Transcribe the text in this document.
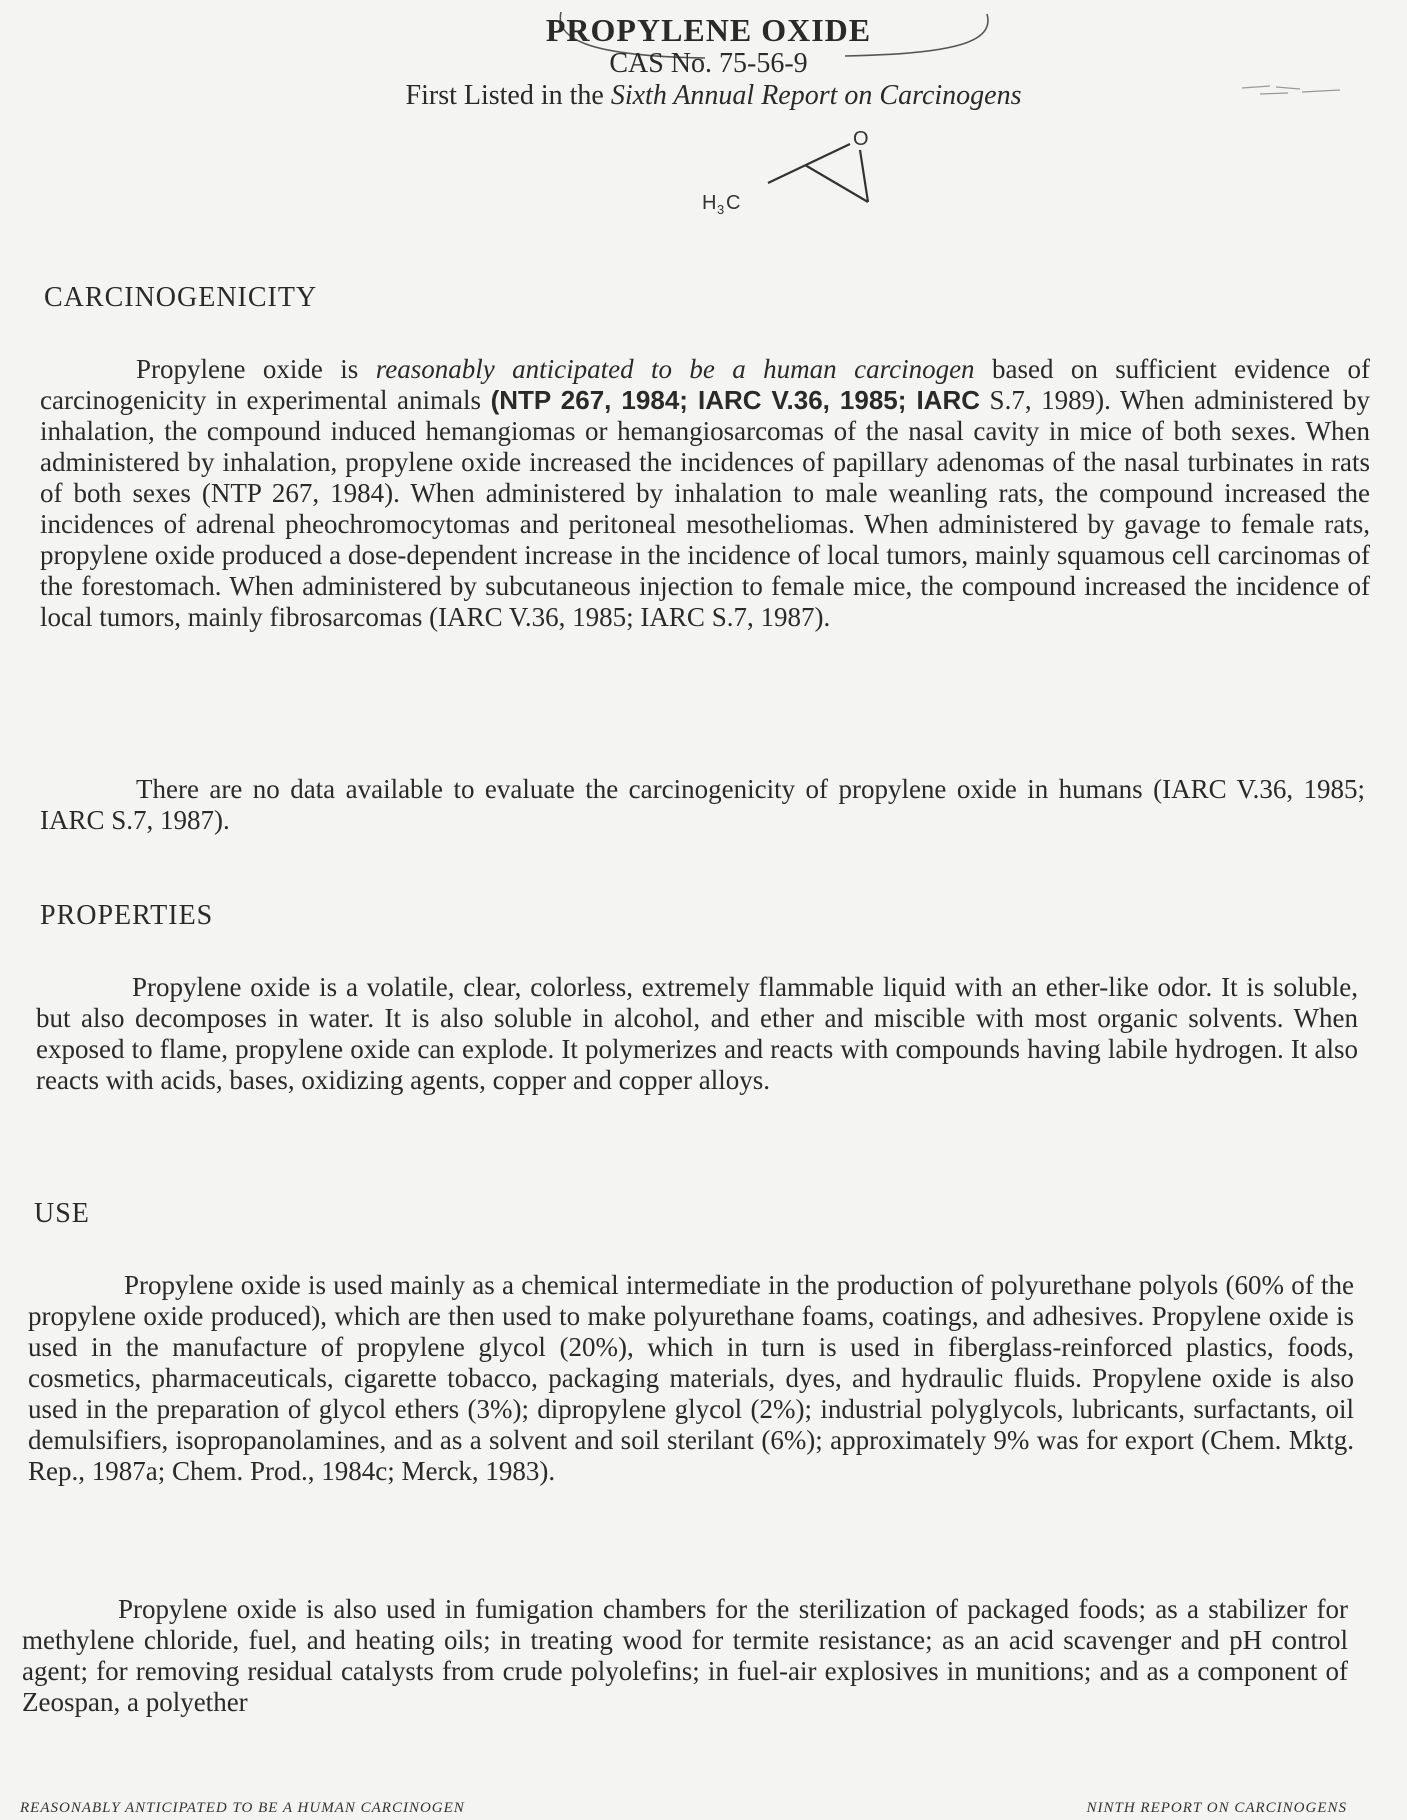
PROPYLENE OXIDE
CAS No. 75-56-9
First Listed in the Sixth Annual Report on Carcinogens
O
H 3 C
CARCINOGENICITY

Propylene oxide is reasonably anticipated to be a human carcinogen based on sufficient evidence of carcinogenicity in experimental animals (NTP 267, 1984; IARC V.36, 1985; IARC S.7, 1989). When administered by inhalation, the compound induced hemangiomas or hemangiosarcomas of the nasal cavity in mice of both sexes. When administered by inhalation, propylene oxide increased the incidences of papillary adenomas of the nasal turbinates in rats of both sexes (NTP 267, 1984). When administered by inhalation to male weanling rats, the compound increased the incidences of adrenal pheochromocytomas and peritoneal mesotheliomas. When administered by gavage to female rats, propylene oxide produced a dose-dependent increase in the incidence of local tumors, mainly squamous cell carcinomas of the forestomach. When administered by subcutaneous injection to female mice, the compound increased the incidence of local tumors, mainly fibrosarcomas (IARC V.36, 1985; IARC S.7, 1987).

There are no data available to evaluate the carcinogenicity of propylene oxide in humans (IARC V.36, 1985; IARC S.7, 1987).

PROPERTIES

Propylene oxide is a volatile, clear, colorless, extremely flammable liquid with an ether-like odor. It is soluble, but also decomposes in water. It is also soluble in alcohol, and ether and miscible with most organic solvents. When exposed to flame, propylene oxide can explode. It polymerizes and reacts with compounds having labile hydrogen. It also reacts with acids, bases, oxidizing agents, copper and copper alloys.

USE

Propylene oxide is used mainly as a chemical intermediate in the production of polyurethane polyols (60% of the propylene oxide produced), which are then used to make polyurethane foams, coatings, and adhesives. Propylene oxide is used in the manufacture of propylene glycol (20%), which in turn is used in fiberglass-reinforced plastics, foods, cosmetics, pharmaceuticals, cigarette tobacco, packaging materials, dyes, and hydraulic fluids. Propylene oxide is also used in the preparation of glycol ethers (3%); dipropylene glycol (2%); industrial polyglycols, lubricants, surfactants, oil demulsifiers, isopropanolamines, and as a solvent and soil sterilant (6%); approximately 9% was for export (Chem. Mktg. Rep., 1987a; Chem. Prod., 1984c; Merck, 1983).

Propylene oxide is also used in fumigation chambers for the sterilization of packaged foods; as a stabilizer for methylene chloride, fuel, and heating oils; in treating wood for termite resistance; as an acid scavenger and pH control agent; for removing residual catalysts from crude polyolefins; in fuel-air explosives in munitions; and as a component of Zeospan, a polyether

REASONABLY ANTICIPATED TO BE A HUMAN CARCINOGEN	NINTH REPORT ON CARCINOGENS
